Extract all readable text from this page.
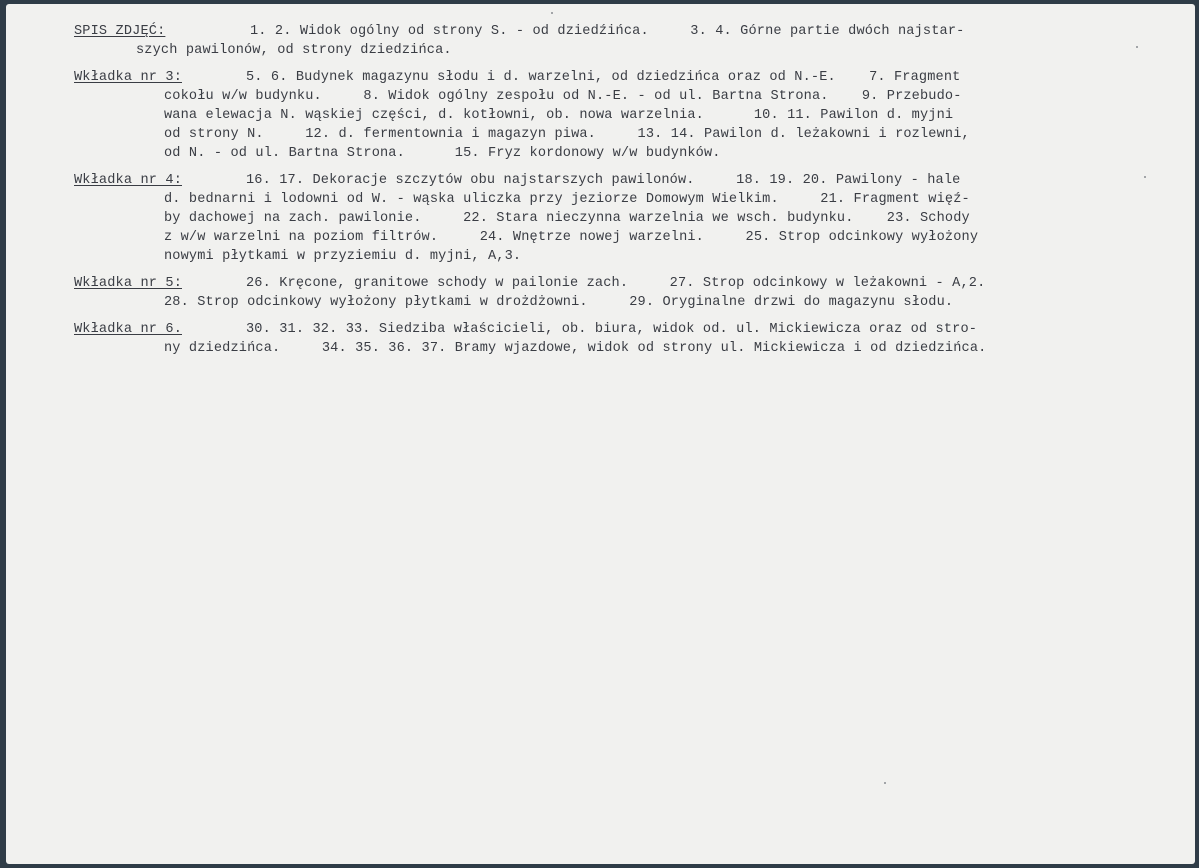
SPIS ZDJĘĆ:	1. 2. Widok ogólny od strony S. - od dziedźińca.     3. 4. Górne partie dwóch najstar-
szych pawilonów, od strony dziedzińca.
Wkładka nr 3:	5. 6. Budynek magazynu słodu i d. warzelni, od dziedzińca oraz od N.-E.    7. Fragment
cokołu w/w budynku.     8. Widok ogólny zespołu od N.-E. - od ul. Bartna Strona.    9. Przebudo-
wana elewacja N. wąskiej części, d. kotłowni, ob. nowa warzelnia.      10. 11. Pawilon d. myjni
od strony N.     12. d. fermentownia i magazyn piwa.     13. 14. Pawilon d. leżakowni i rozlewni,
od N. - od ul. Bartna Strona.      15. Fryz kordonowy w/w budynków.
Wkładka nr 4:	16. 17. Dekoracje szczytów obu najstarszych pawilonów.     18. 19. 20. Pawilony - hale
d. bednarni i lodowni od W. - wąska uliczka przy jeziorze Domowym Wielkim.     21. Fragment więź-
by dachowej na zach. pawilonie.     22. Stara nieczynna warzelnia we wsch. budynku.    23. Schody
z w/w warzelni na poziom filtrów.     24. Wnętrze nowej warzelni.     25. Strop odcinkowy wyłożony
nowymi płytkami w przyziemiu d. myjni, A,3.
Wkładka nr 5:	26. Kręcone, granitowe schody w pailonie zach.     27. Strop odcinkowy w leżakowni - A,2.
28. Strop odcinkowy wyłożony płytkami w drożdżowni.     29. Oryginalne drzwi do magazynu słodu.
Wkładka nr 6.	30. 31. 32. 33. Siedziba właścicieli, ob. biura, widok od. ul. Mickiewicza oraz od stro-
ny dziedzińca.     34. 35. 36. 37. Bramy wjazdowe, widok od strony ul. Mickiewicza i od dziedzińca.
